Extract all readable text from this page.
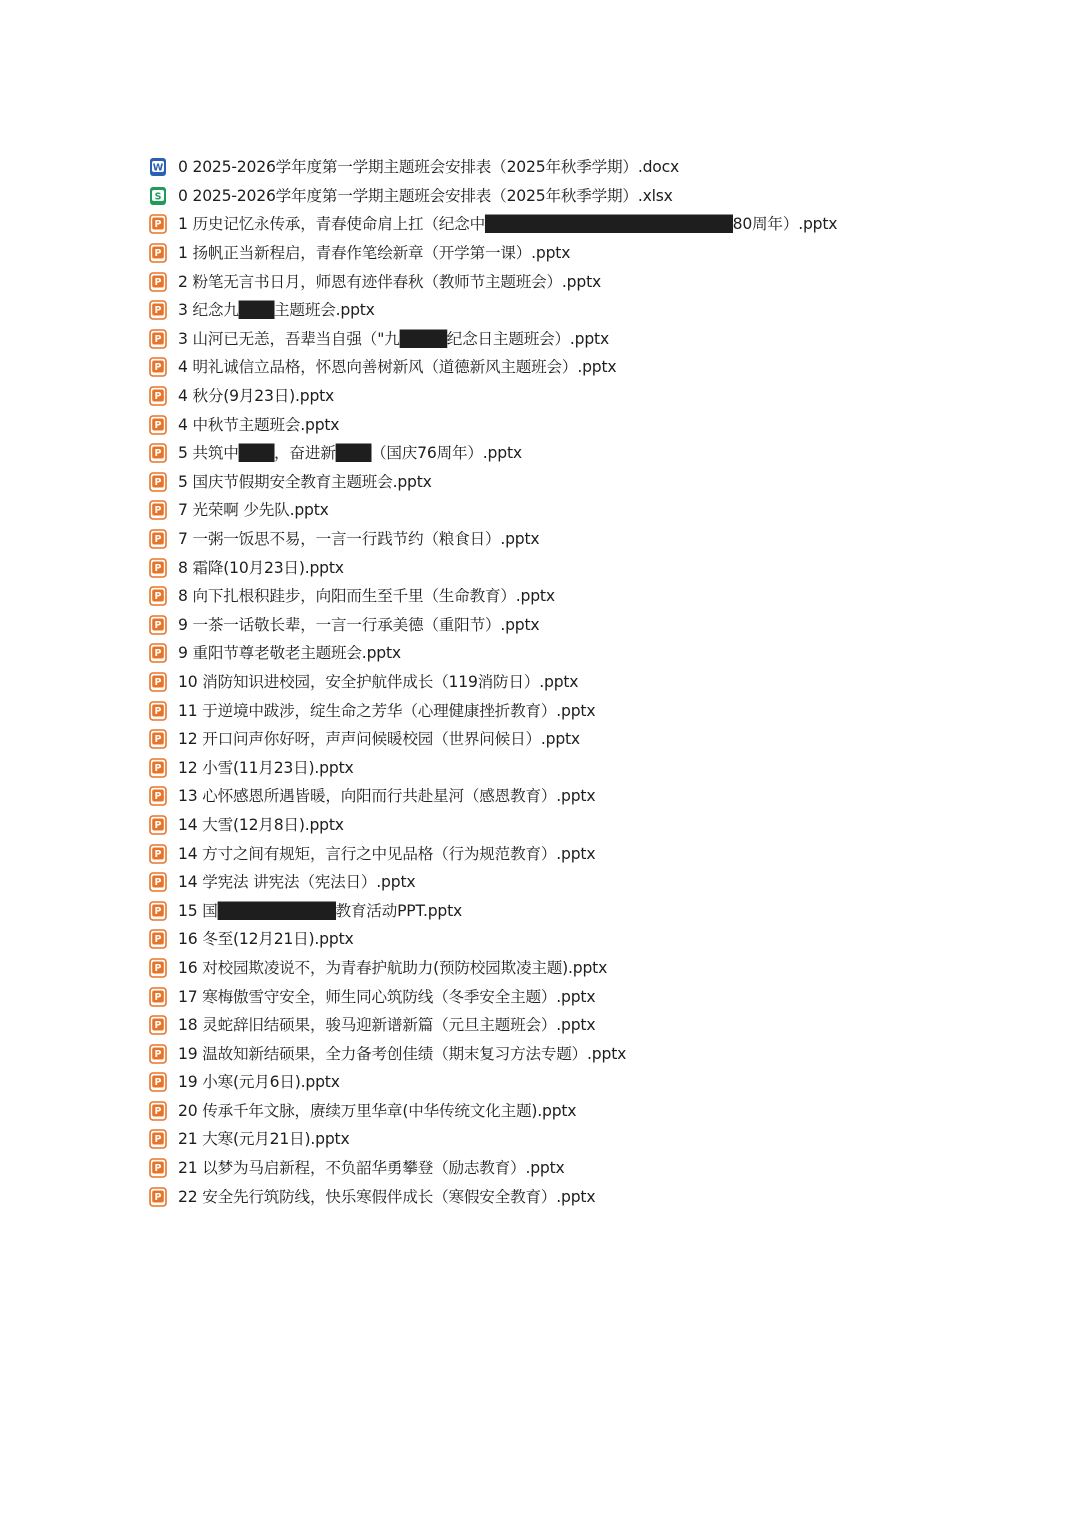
W 0 2025-2026学年度第一学期主题班会安排表（2025年秋季学期）.docx
S 0 2025-2026学年度第一学期主题班会安排表（2025年秋季学期）.xlsx
P 1 历史记忆永传承，青春使命肩上扛（纪念中█████████████████████80周年）.pptx
P 1 扬帆正当新程启，青春作笔绘新章（开学第一课）.pptx
P 2 粉笔无言书日月，师恩有迹伴春秋（教师节主题班会）.pptx
P 3 纪念九███主题班会.pptx
P 3 山河已无恙，吾辈当自强（"九████纪念日主题班会）.pptx
P 4 明礼诚信立品格，怀恩向善树新风（道德新风主题班会）.pptx
P 4 秋分(9月23日).pptx
P 4 中秋节主题班会.pptx
P 5 共筑中███，奋进新███（国庆76周年）.pptx
P 5 国庆节假期安全教育主题班会.pptx
P 7 光荣啊 少先队.pptx
P 7 一粥一饭思不易，一言一行践节约（粮食日）.pptx
P 8 霜降(10月23日).pptx
P 8 向下扎根积跬步，向阳而生至千里（生命教育）.pptx
P 9 一茶一话敬长辈，一言一行承美德（重阳节）.pptx
P 9 重阳节尊老敬老主题班会.pptx
P 10 消防知识进校园，安全护航伴成长（119消防日）.pptx
P 11 于逆境中跋涉，绽生命之芳华（心理健康挫折教育）.pptx
P 12 开口问声你好呀，声声问候暖校园（世界问候日）.pptx
P 12 小雪(11月23日).pptx
P 13 心怀感恩所遇皆暖，向阳而行共赴星河（感恩教育）.pptx
P 14 大雪(12月8日).pptx
P 14 方寸之间有规矩，言行之中见品格（行为规范教育）.pptx
P 14 学宪法 讲宪法（宪法日）.pptx
P 15 国██████████教育活动PPT.pptx
P 16 冬至(12月21日).pptx
P 16 对校园欺凌说不，为青春护航助力(预防校园欺凌主题).pptx
P 17 寒梅傲雪守安全，师生同心筑防线（冬季安全主题）.pptx
P 18 灵蛇辞旧结硕果，骏马迎新谱新篇（元旦主题班会）.pptx
P 19 温故知新结硕果，全力备考创佳绩（期末复习方法专题）.pptx
P 19 小寒(元月6日).pptx
P 20 传承千年文脉，赓续万里华章(中华传统文化主题).pptx
P 21 大寒(元月21日).pptx
P 21 以梦为马启新程，不负韶华勇攀登（励志教育）.pptx
P 22 安全先行筑防线，快乐寒假伴成长（寒假安全教育）.pptx
